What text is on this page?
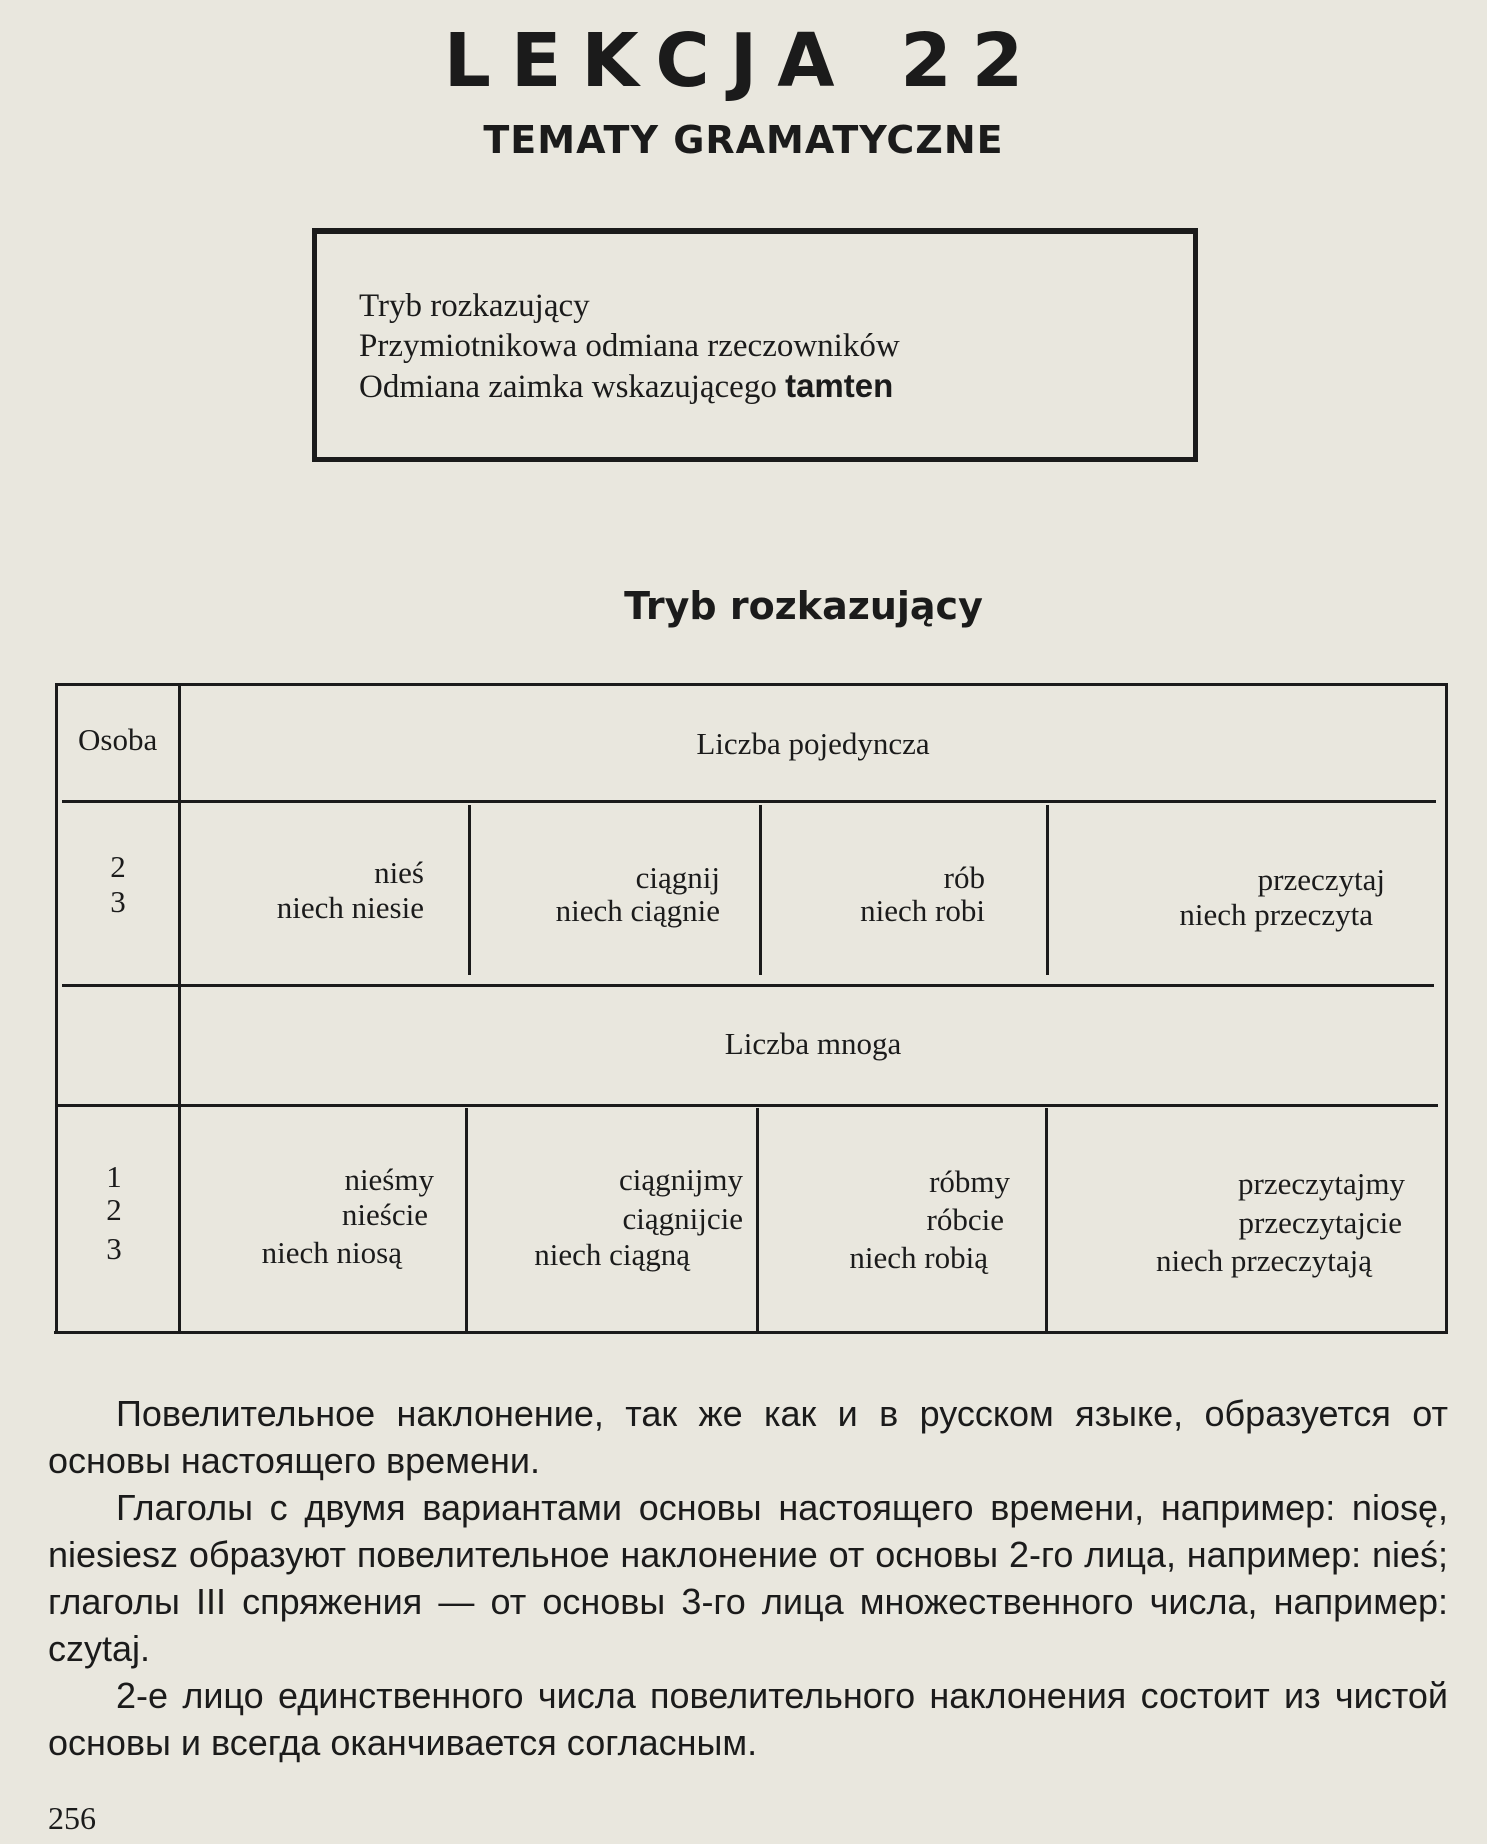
LEKCJA 22
TEMATY GRAMATYCZNE
Tryb rozkazujący
Przymiotnikowa odmiana rzeczowników
Odmiana zaimka wskazującego tamten
Tryb rozkazujący
Osoba	Liczba pojedyncza
Liczba mnoga
2
3
nieś
niech niesie
ciągnij
niech ciągnie
rób
niech robi
przeczytaj
niech przeczyta
1
2
3
nieśmy
nieście
niech niosą
ciągnijmy
ciągnijcie
niech ciągną
róbmy
róbcie
niech robią
przeczytajmy
przeczytajcie
niech przeczytają

Повелительное наклонение, так же как и в русском языке, образуется от основы настоящего времени.

Глаголы с двумя вариантами основы настоящего времени, например: niosę, niesiesz образуют повелительное наклонение от основы 2-го лица, например: nieś; глаголы III спряжения — от основы 3-го лица множественного числа, например: czytaj.

2-е лицо единственного числа повелительного наклонения состоит из чистой основы и всегда оканчивается согласным.

256
